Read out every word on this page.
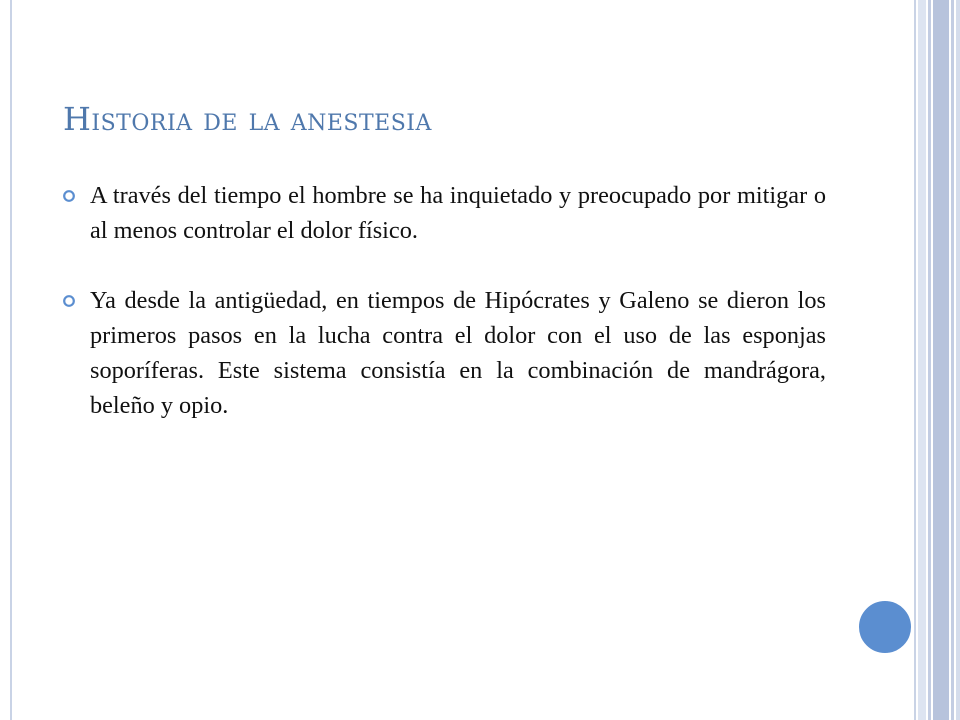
Historia de la anestesia
A través del tiempo el hombre se ha inquietado y preocupado por mitigar o al menos controlar el dolor físico.
Ya desde la antigüedad, en tiempos de Hipócrates y Galeno se dieron los primeros pasos en la lucha contra el dolor con el uso de las esponjas soporíferas. Este sistema consistía en la combinación de mandrágora, beleño y opio.
